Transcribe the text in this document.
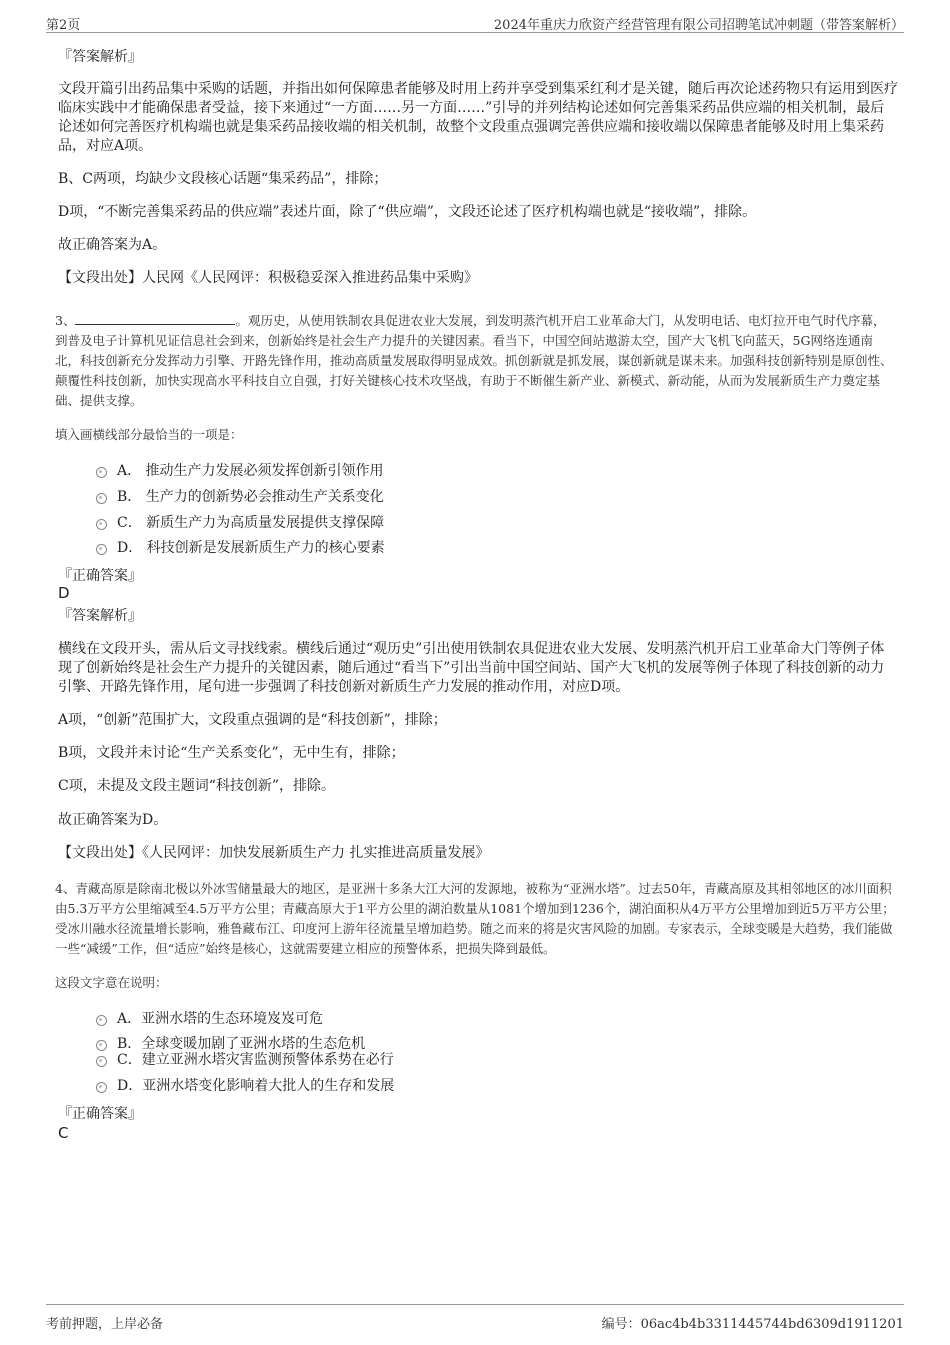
第2页	2024年重庆力欣资产经营管理有限公司招聘笔试冲刺题（带答案解析）
『答案解析』

文段开篇引出药品集中采购的话题，并指出如何保障患者能够及时用上药并享受到集采红利才是关键，随后再次论述药物只有运用到医疗临床实践中才能确保患者受益，接下来通过“一方面……另一方面……”引导的并列结构论述如何完善集采药品供应端的相关机制，最后论述如何完善医疗机构端也就是集采药品接收端的相关机制，故整个文段重点强调完善供应端和接收端以保障患者能够及时用上集采药品，对应A项。

B、C两项，均缺少文段核心话题“集采药品”，排除；

D项，“不断完善集采药品的供应端”表述片面，除了“供应端”，文段还论述了医疗机构端也就是“接收端”，排除。

故正确答案为A。

【文段出处】人民网《人民网评：积极稳妥深入推进药品集中采购》

3、	。观历史，从使用铁制农具促进农业大发展，到发明蒸汽机开启工业革命大门，从发明电话、电灯拉开电气时代序幕，到普及电子计算机见证信息社会到来，创新始终是社会生产力提升的关键因素。看当下，中国空间站遨游太空，国产大飞机飞向蓝天，5G网络连通南北，科技创新充分发挥动力引擎、开路先锋作用，推动高质量发展取得明显成效。抓创新就是抓发展，谋创新就是谋未来。加强科技创新特别是原创性、颠覆性科技创新，加快实现高水平科技自立自强，打好关键核心技术攻坚战，有助于不断催生新产业、新模式、新动能，从而为发展新质生产力奠定基础、提供支撑。

填入画横线部分最恰当的一项是：

A． 推动生产力发展必须发挥创新引领作用
B． 生产力的创新势必会推动生产关系变化
C． 新质生产力为高质量发展提供支撑保障
D． 科技创新是发展新质生产力的核心要素
『正确答案』
D
『答案解析』

横线在文段开头，需从后文寻找线索。横线后通过“观历史”引出使用铁制农具促进农业大发展、发明蒸汽机开启工业革命大门等例子体现了创新始终是社会生产力提升的关键因素，随后通过“看当下”引出当前中国空间站、国产大飞机的发展等例子体现了科技创新的动力引擎、开路先锋作用，尾句进一步强调了科技创新对新质生产力发展的推动作用，对应D项。

A项，“创新”范围扩大，文段重点强调的是“科技创新”，排除；

B项，文段并未讨论“生产关系变化”，无中生有，排除；

C项，未提及文段主题词“科技创新”，排除。

故正确答案为D。

【文段出处】《人民网评：加快发展新质生产力 扎实推进高质量发展》

4、青藏高原是除南北极以外冰雪储量最大的地区，是亚洲十多条大江大河的发源地，被称为“亚洲水塔”。过去50年，青藏高原及其相邻地区的冰川面积由5.3万平方公里缩减至4.5万平方公里；青藏高原大于1平方公里的湖泊数量从1081个增加到1236个，湖泊面积从4万平方公里增加到近5万平方公里；受冰川融水径流量增长影响，雅鲁藏布江、印度河上游年径流量呈增加趋势。随之而来的将是灾害风险的加剧。专家表示，全球变暖是大趋势，我们能做一些“减缓”工作，但“适应”始终是核心，这就需要建立相应的预警体系，把损失降到最低。

这段文字意在说明：

A．亚洲水塔的生态环境岌岌可危
B．全球变暖加剧了亚洲水塔的生态危机
C．建立亚洲水塔灾害监测预警体系势在必行
D．亚洲水塔变化影响着大批人的生存和发展
『正确答案』
C
考前押题，上岸必备	编号：06ac4b4b3311445744bd6309d1911201
